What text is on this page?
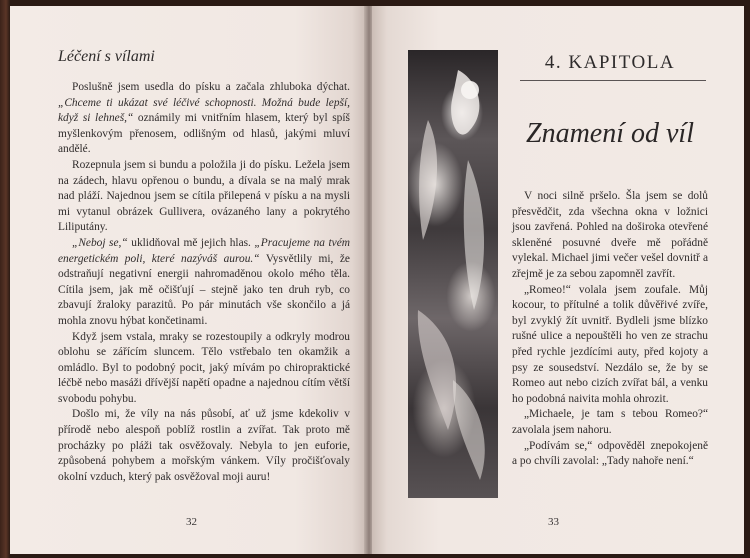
Léčení s vílami

Poslušně jsem usedla do písku a začala zhluboka dýchat. „Chceme ti ukázat své léčivé schopnosti. Možná bude lepší, když si lehneš,“ oznámily mi vnitřním hlasem, který byl spíš myšlenkovým přenosem, odlišným od hlasů, jakými mluví andělé.

Rozepnula jsem si bundu a položila ji do písku. Ležela jsem na zádech, hlavu opřenou o bundu, a dívala se na malý mrak nad pláží. Najednou jsem se cítila přilepená v písku a na mysli mi vytanul obrázek Gullivera, ovázaného lany a pokrytého Liliputány.

„Neboj se,“ uklidňoval mě jejich hlas. „Pracujeme na tvém energetickém poli, které nazýváš aurou.“ Vysvětlily mi, že odstraňují negativní energii nahromaděnou okolo mého těla. Cítila jsem, jak mě očišťují – stejně jako ten druh ryb, co zbavují žraloky parazitů. Po pár minutách vše skončilo a já mohla znovu hýbat končetinami.

Když jsem vstala, mraky se rozestoupily a odkryly modrou oblohu se zářícím sluncem. Tělo vstřebalo ten okamžik a omládlo. Byl to podobný pocit, jaký mívám po chiropraktické léčbě nebo masáži dřívější napětí opadne a najednou cítím větší svobodu pohybu.

Došlo mi, že víly na nás působí, ať už jsme kdekoliv v přírodě nebo alespoň poblíž rostlin a zvířat. Tak proto mě procházky po pláži tak osvěžovaly. Nebyla to jen euforie, způsobená pohybem a mořským vánkem. Víly pročišťovaly okolní vzduch, který pak osvěžoval moji auru!

32
4. KAPITOLA
Znamení od víl

V noci silně pršelo. Šla jsem se dolů přesvědčit, zda všechna okna v ložnici jsou zavřená. Pohled na doširoka otevřené skleněné posuvné dveře mě pořádně vylekal. Michael jimi večer vešel dovnitř a zřejmě je za sebou zapomněl zavřít.

„Romeo!“ volala jsem zoufale. Můj kocour, to přítulné a tolik důvěřivé zvíře, byl zvyklý žít uvnitř. Bydleli jsme blízko rušné ulice a nepouštěli ho ven ze strachu před rychle jezdícími auty, před kojoty a psy ze sousedství. Nezdálo se, že by se Romeo aut nebo cizích zvířat bál, a venku ho podobná naivita mohla ohrozit.

„Michaele, je tam s tebou Romeo?“ zavolala jsem nahoru.

„Podívám se,“ odpověděl znepokojeně a po chvíli zavolal: „Tady nahoře není.“

33
